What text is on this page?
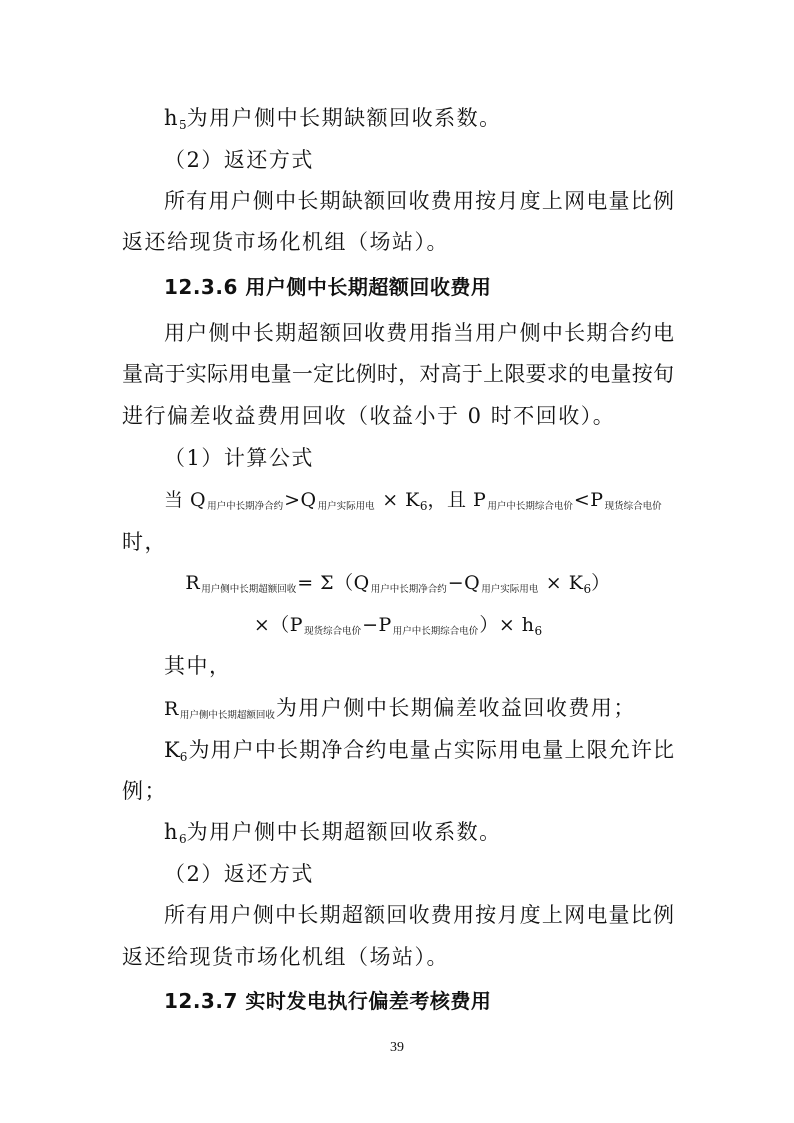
h5为用户侧中长期缺额回收系数。
（2）返还方式
所有用户侧中长期缺额回收费用按月度上网电量比例
返还给现货市场化机组（场站）。
12.3.6 用户侧中长期超额回收费用
用户侧中长期超额回收费用指当用户侧中长期合约电
量高于实际用电量一定比例时，对高于上限要求的电量按旬
进行偏差收益费用回收（收益小于 0 时不回收）。
（1）计算公式
当 $Q_{用户中长期净合约}>Q_{用户实际用电} \times K_6$，且 $P_{用户中长期综合电价}<P_{现货综合电价}$
时，
$R_{用户侧中长期超额回收}= \Sigma(Q_{用户中长期净合约}-Q_{用户实际用电} \times K_6)$
$\times(P_{现货综合电价}-P_{用户中长期综合电价})\times h_6$
其中，
$R_{用户侧中长期超额回收}$为用户侧中长期偏差收益回收费用；
K6为用户中长期净合约电量占实际用电量上限允许比
例；
h6为用户侧中长期超额回收系数。
（2）返还方式
所有用户侧中长期超额回收费用按月度上网电量比例
返还给现货市场化机组（场站）。
12.3.7 实时发电执行偏差考核费用
39
